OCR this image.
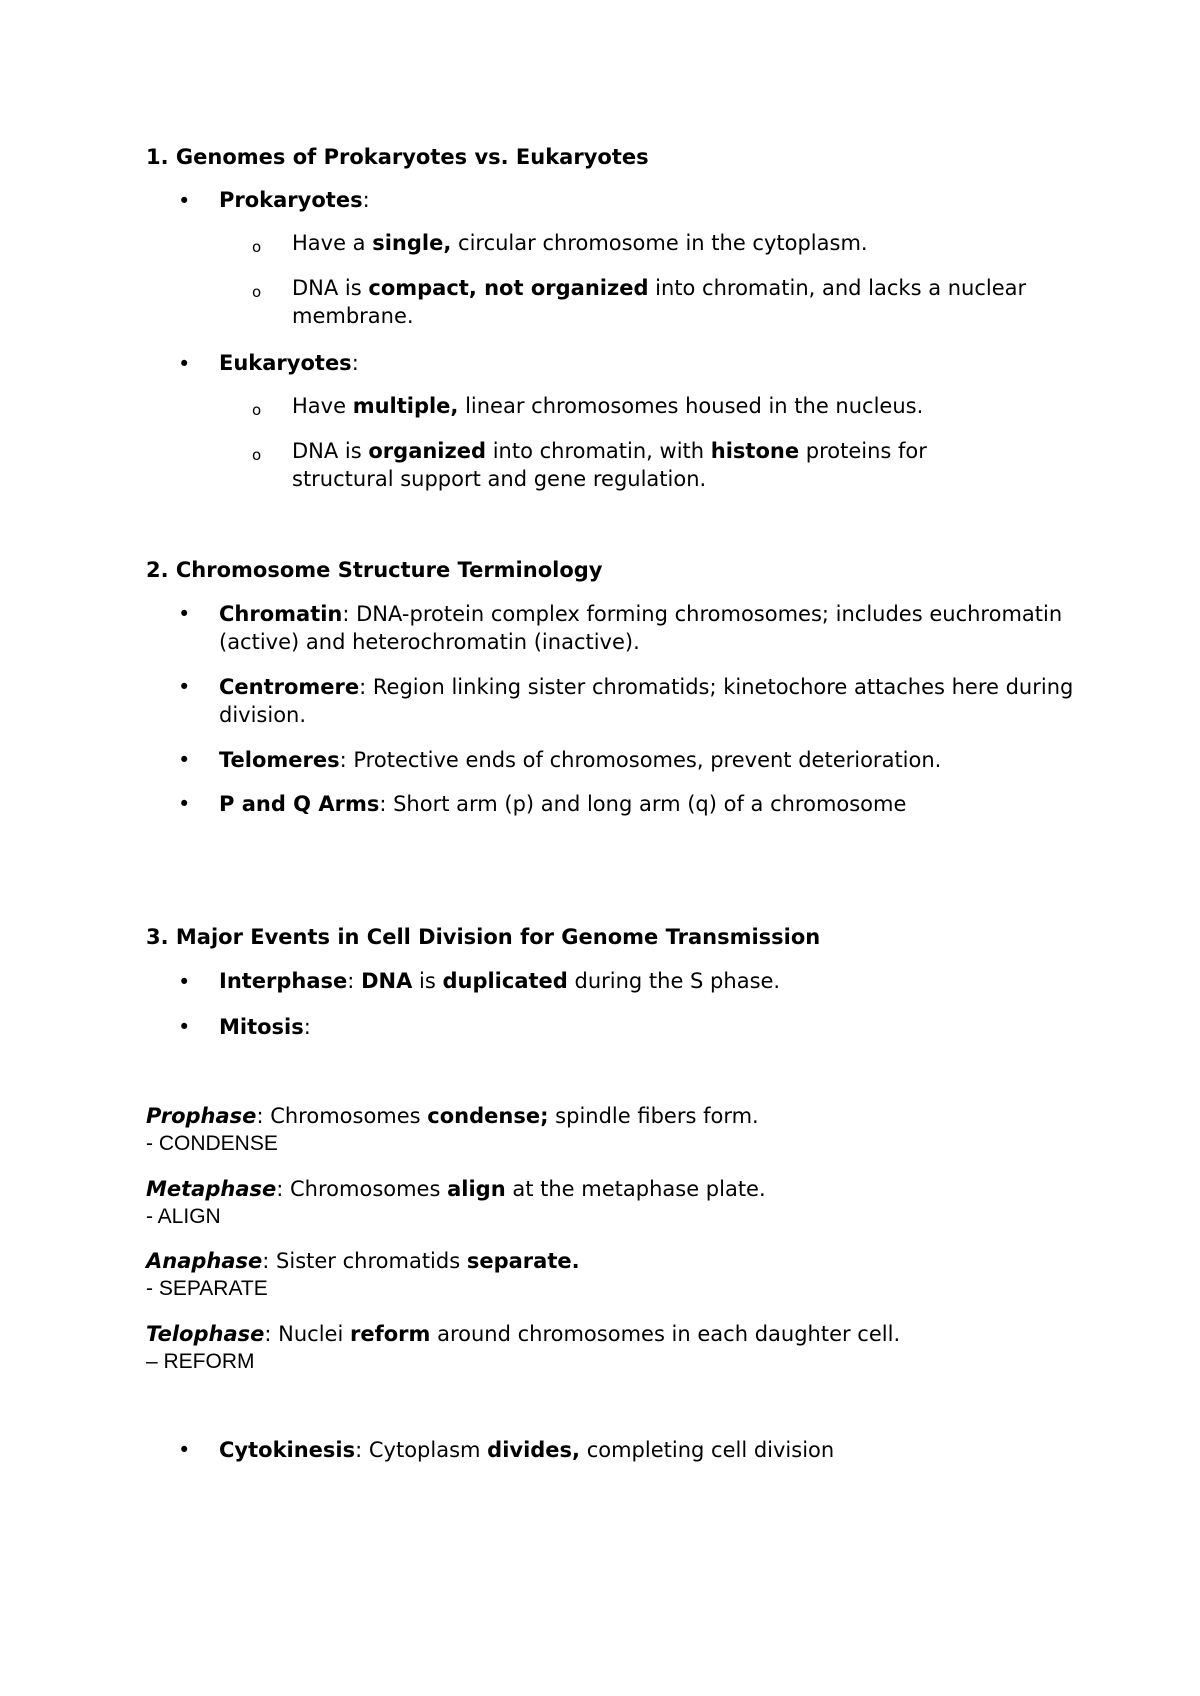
1. Genomes of Prokaryotes vs. Eukaryotes
• Prokaryotes:
o Have a single, circular chromosome in the cytoplasm.
o DNA is compact, not organized into chromatin, and lacks a nuclear membrane.
• Eukaryotes:
o Have multiple, linear chromosomes housed in the nucleus.
o DNA is organized into chromatin, with histone proteins for structural support and gene regulation.
2. Chromosome Structure Terminology
• Chromatin: DNA-protein complex forming chromosomes; includes euchromatin (active) and heterochromatin (inactive).
• Centromere: Region linking sister chromatids; kinetochore attaches here during division.
• Telomeres: Protective ends of chromosomes, prevent deterioration.
• P and Q Arms: Short arm (p) and long arm (q) of a chromosome
3. Major Events in Cell Division for Genome Transmission
• Interphase: DNA is duplicated during the S phase.
• Mitosis:
Prophase: Chromosomes condense; spindle fibers form.
- CONDENSE
Metaphase: Chromosomes align at the metaphase plate.
- ALIGN
Anaphase: Sister chromatids separate.
- SEPARATE
Telophase: Nuclei reform around chromosomes in each daughter cell.
– REFORM
• Cytokinesis: Cytoplasm divides, completing cell division
